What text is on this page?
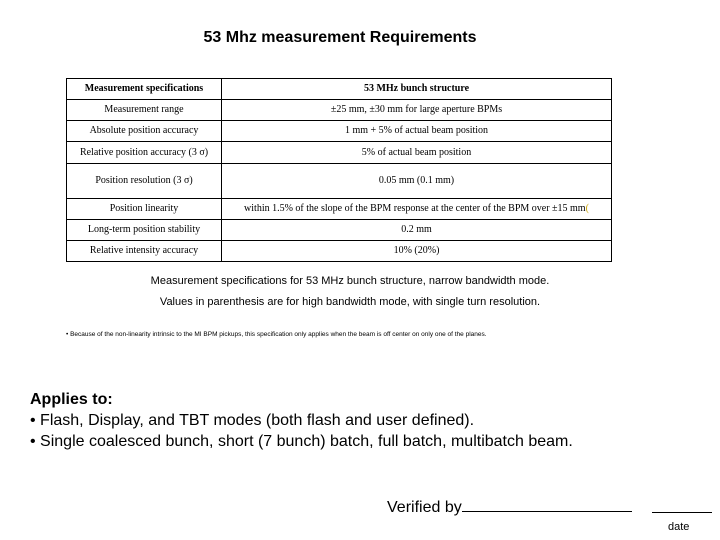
53 Mhz measurement Requirements
Measurement specifications	53 MHz bunch structure
Measurement range	±25 mm, ±30 mm for large aperture BPMs
Absolute position accuracy	1 mm + 5% of actual beam position
Relative position accuracy (3 σ)	5% of actual beam position
Position resolution (3 σ)	0.05 mm (0.1 mm)
Position linearity	within 1.5% of the slope of the BPM response at the center of the BPM over ±15 mm(
Long-term position stability	0.2 mm
Relative intensity accuracy	10% (20%)
Measurement specifications for 53 MHz bunch structure, narrow bandwidth mode.
Values in parenthesis are for high bandwidth mode, with single turn resolution.
• Because of the non-linearity intrinsic to the MI BPM pickups, this specification only applies when the beam is off center on only one of the planes.
Applies to:
• Flash, Display, and TBT modes (both flash and user defined).
• Single coalesced bunch, short (7 bunch) batch, full batch, multibatch beam.
Verified by
date
